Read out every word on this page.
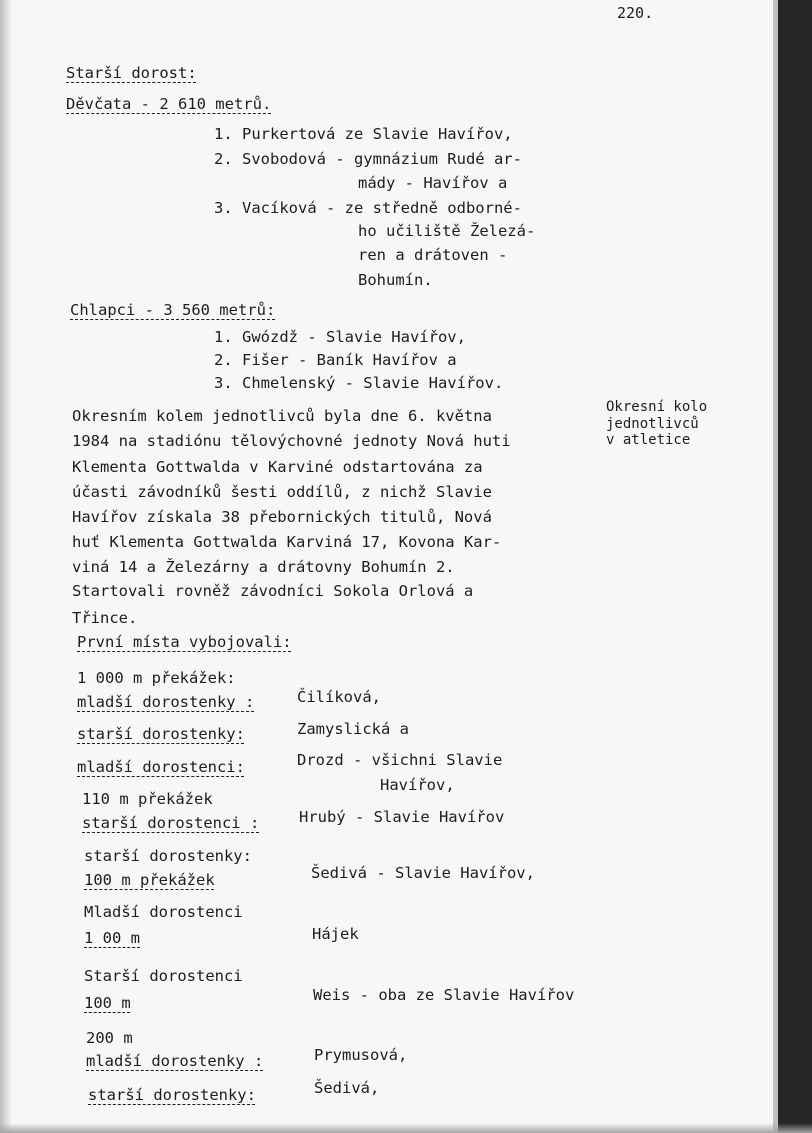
220.
Starší dorost:
Děvčata - 2 610 metrů.
1. Purkertová ze Slavie Havířov,
2. Svobodová - gymnázium Rudé ar-
mády - Havířov a
3. Vacíková - ze středně odborné-
ho učiliště Železá-
ren a drátoven -
Bohumín.
Chlapci - 3 560 metrů:
1. Gwózdž - Slavie Havířov,
2. Fišer - Baník Havířov a
3. Chmelenský - Slavie Havířov.
Okresní kolo
jednotlivců
v atletice
Okresním kolem jednotlivců byla dne 6. května
1984 na stadiónu tělovýchovné jednoty Nová huti
Klementa Gottwalda v Karviné odstartována za
účasti závodníků šesti oddílů, z nichž Slavie
Havířov získala 38 přebornických titulů, Nová
huť Klementa Gottwalda Karviná 17, Kovona Kar-
viná 14 a Železárny a drátovny Bohumín 2.
Startovali rovněž závodníci Sokola Orlová a
Třince.
První místa vybojovali:
1 000 m překážek:
mladší dorostenky :	Čilíková,
starší dorostenky:	Zamyslická a
mladší dorostenci:	Drozd - všichni Slavie
Havířov,
110 m překážek
starší dorostenci :	Hrubý - Slavie Havířov
starší dorostenky:
100 m překážek	Šedivá - Slavie Havířov,
Mladší dorostenci
1 00 m	Hájek
Starší dorostenci
100 m	Weis - oba ze Slavie Havířov
200 m
mladší dorostenky :	Prymusová,
starší dorostenky:	Šedivá,
